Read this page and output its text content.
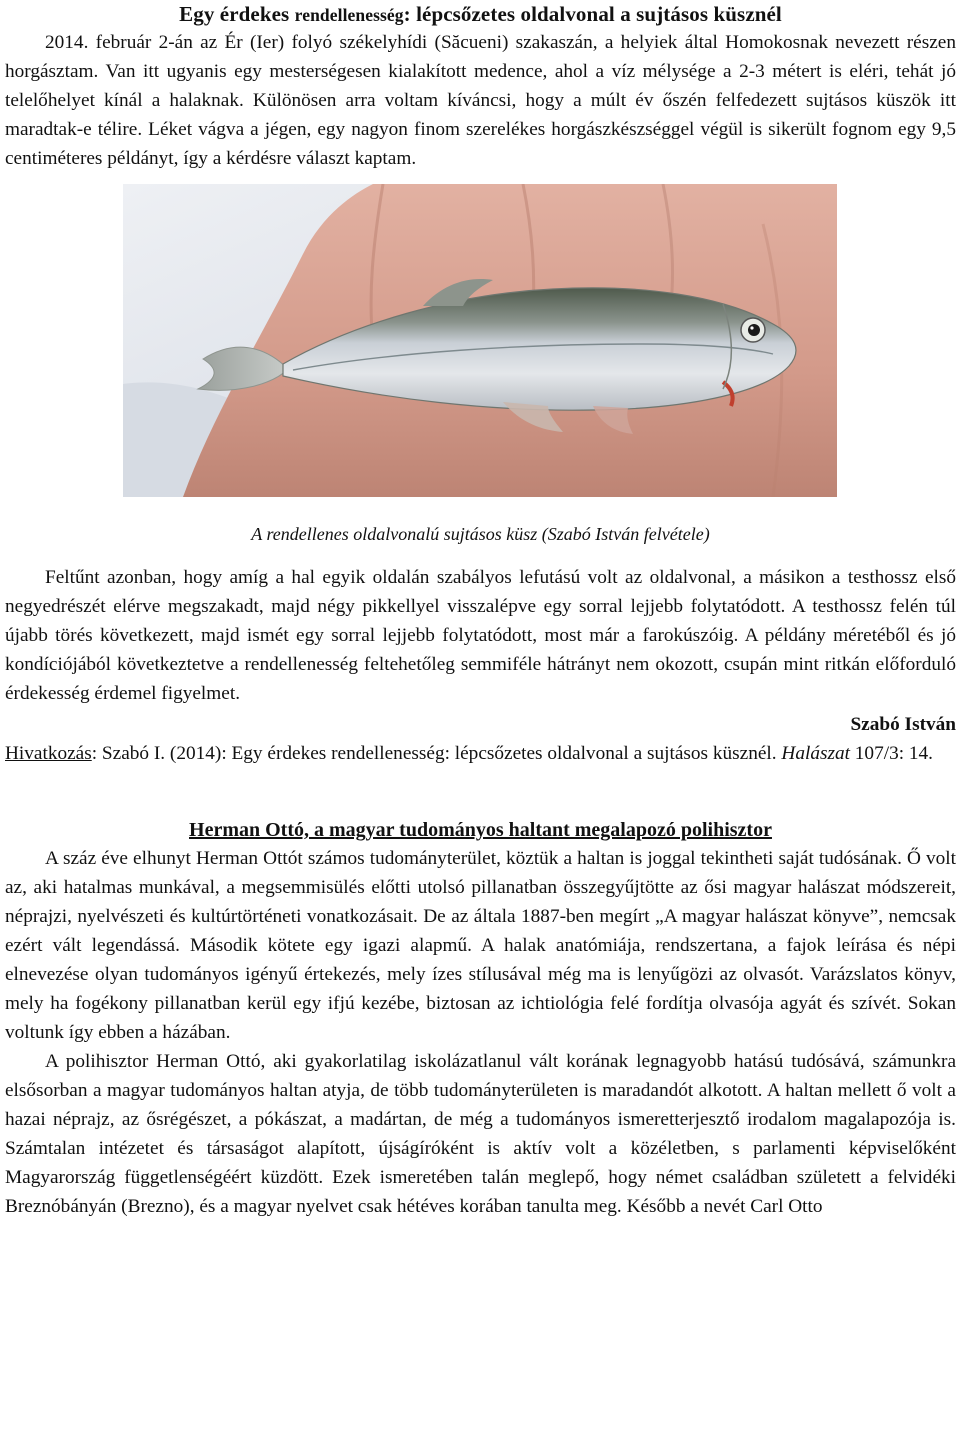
Egy érdekes rendellenesség: lépcsőzetes oldalvonal a sujtásos küsznél

2014. február 2-án az Ér (Ier) folyó székelyhídi (Săcueni) szakaszán, a helyiek által Homokosnak nevezett részen horgásztam. Van itt ugyanis egy mesterségesen kialakított medence, ahol a víz mélysége a 2-3 métert is eléri, tehát jó telelőhelyet kínál a halaknak. Különösen arra voltam kíváncsi, hogy a múlt év őszén felfedezett sujtásos küszök itt maradtak-e télire. Léket vágva a jégen, egy nagyon finom szerelékes horgászkészséggel végül is sikerült fognom egy 9,5 centiméteres példányt, így a kérdésre választ kaptam.

A rendellenes oldalvonalú sujtásos küsz (Szabó István felvétele)

Feltűnt azonban, hogy amíg a hal egyik oldalán szabályos lefutású volt az oldalvonal, a másikon a testhossz első negyedrészét elérve megszakadt, majd négy pikkellyel visszalépve egy sorral lejjebb folytatódott. A testhossz felén túl újabb törés következett, majd ismét egy sorral lejjebb folytatódott, most már a farokúszóig. A példány méretéből és jó kondíciójából következtetve a rendellenesség feltehetőleg semmiféle hátrányt nem okozott, csupán mint ritkán előforduló érdekesség érdemel figyelmet.

Szabó István

Hivatkozás: Szabó I. (2014): Egy érdekes rendellenesség: lépcsőzetes oldalvonal a sujtásos küsznél. Halászat 107/3: 14.

Herman Ottó, a magyar tudományos haltant megalapozó polihisztor

A száz éve elhunyt Herman Ottót számos tudományterület, köztük a haltan is joggal tekintheti saját tudósának. Ő volt az, aki hatalmas munkával, a megsemmisülés előtti utolsó pillanatban összegyűjtötte az ősi magyar halászat módszereit, néprajzi, nyelvészeti és kultúrtörténeti vonatkozásait. De az általa 1887-ben megírt „A magyar halászat könyve”, nemcsak ezért vált legendássá. Második kötete egy igazi alapmű. A halak anatómiája, rendszertana, a fajok leírása és népi elnevezése olyan tudományos igényű értekezés, mely ízes stílusával még ma is lenyűgözi az olvasót. Varázslatos könyv, mely ha fogékony pillanatban kerül egy ifjú kezébe, biztosan az ichtiológia felé fordítja olvasója agyát és szívét. Sokan voltunk így ebben a házában.

A polihisztor Herman Ottó, aki gyakorlatilag iskolázatlanul vált korának legnagyobb hatású tudósává, számunkra elsősorban a magyar tudományos haltan atyja, de több tudományterületen is maradandót alkotott. A haltan mellett ő volt a hazai néprajz, az ősrégészet, a pókászat, a madártan, de még a tudományos ismeretterjesztő irodalom magalapozója is. Számtalan intézetet és társaságot alapított, újságíróként is aktív volt a közéletben, s parlamenti képviselőként Magyarország függetlenségéért küzdött. Ezek ismeretében talán meglepő, hogy német családban született a felvidéki Breznóbányán (Brezno), és a magyar nyelvet csak hétéves korában tanulta meg. Később a nevét Carl Otto
